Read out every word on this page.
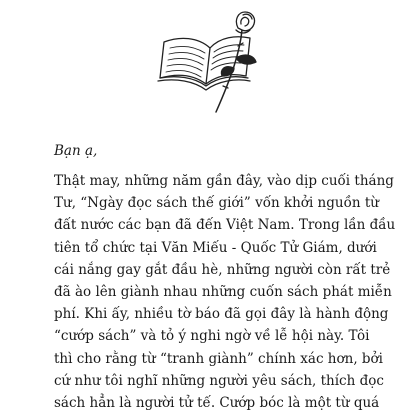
Bạn ạ,

Thật may, những năm gần đây, vào dịp cuối tháng
Tư, “Ngày đọc sách thế giới” vốn khởi nguồn từ
đất nước các bạn đã đến Việt Nam. Trong lần đầu
tiên tổ chức tại Văn Miếu - Quốc Tử Giám, dưới
cái nắng gay gắt đầu hè, những người còn rất trẻ
đã ào lên giành nhau những cuốn sách phát miễn
phí. Khi ấy, nhiều tờ báo đã gọi đây là hành động
“cướp sách” và tỏ ý nghi ngờ về lễ hội này. Tôi
thì cho rằng từ “tranh giành” chính xác hơn, bởi
cứ như tôi nghĩ những người yêu sách, thích đọc
sách hẳn là người tử tế. Cướp bóc là một từ quá
